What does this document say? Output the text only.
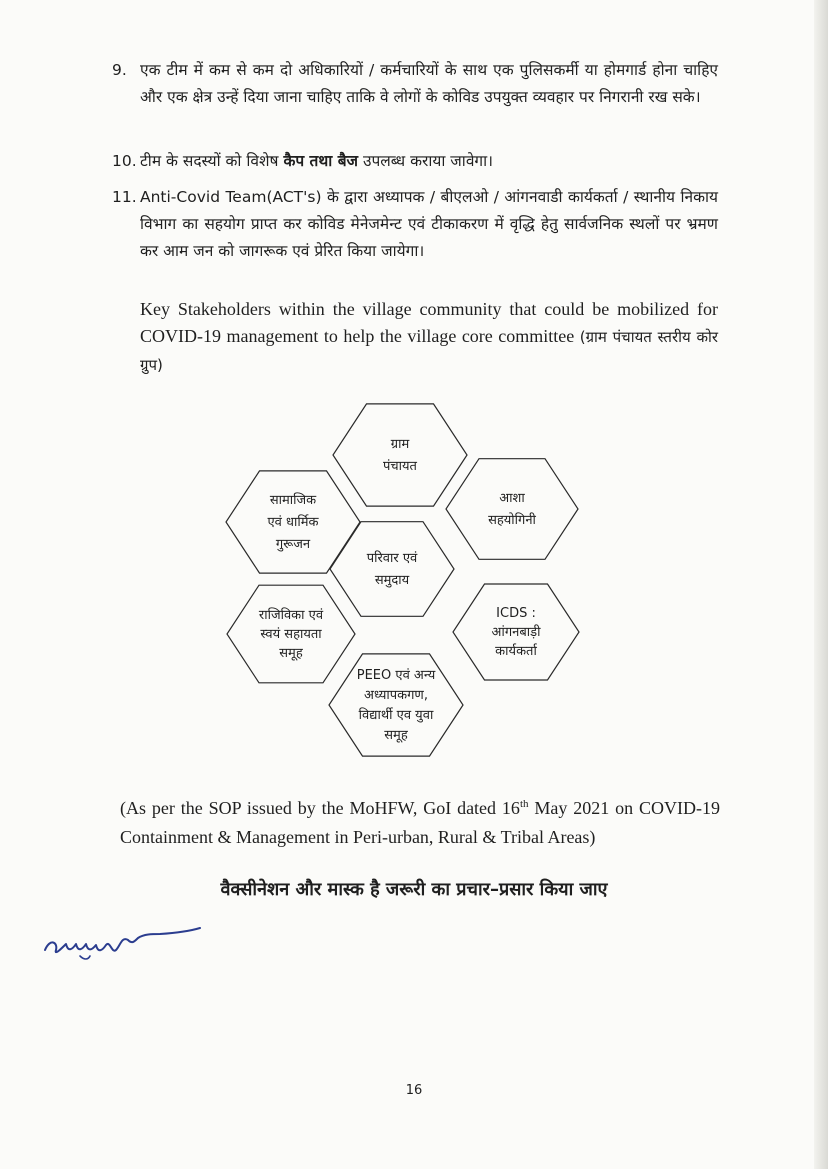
9. एक टीम में कम से कम दो अधिकारियों / कर्मचारियों के साथ एक पुलिसकर्मी या होमगार्ड होना चाहिए और एक क्षेत्र उन्हें दिया जाना चाहिए ताकि वे लोगों के कोविड उपयुक्त व्यवहार पर निगरानी रख सके।
10. टीम के सदस्यों को विशेष कैप तथा बैज उपलब्ध कराया जावेगा।
11. Anti-Covid Team(ACT's) के द्वारा अध्यापक / बीएलओ / आंगनवाडी कार्यकर्ता / स्थानीय निकाय विभाग का सहयोग प्राप्त कर कोविड मेनेजमेन्ट एवं टीकाकरण में वृद्धि हेतु सार्वजनिक स्थलों पर भ्रमण कर आम जन को जागरूक एवं प्रेरित किया जायेगा।
Key Stakeholders within the village community that could be mobilized for COVID-19 management to help the village core committee (ग्राम पंचायत स्तरीय कोर ग्रुप)
परिवार एवं
समुदाय
ग्राम
पंचायत
आशा
सहयोगिनी
ICDS :
आंगनबाड़ी
कार्यकर्ता
PEEO एवं अन्य
अध्यापकगण,
विद्यार्थी एव युवा
समूह
राजिविका एवं
स्वयं सहायता
समूह
सामाजिक
एवं धार्मिक
गुरूजन
(As per the SOP issued by the MoHFW, GoI dated 16th May 2021 on COVID-19 Containment & Management in Peri-urban, Rural & Tribal Areas)
वैक्सीनेशन और मास्क है जरूरी का प्रचार–प्रसार किया जाए
16
